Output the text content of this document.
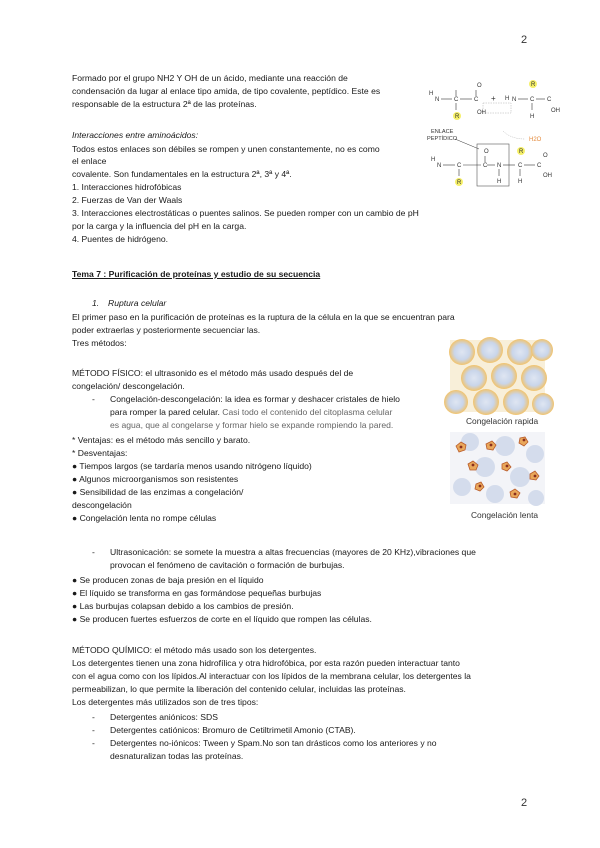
2

Formado por el grupo NH2 Y OH de un ácido, mediante una reacción de

condensación da lugar al enlace tipo amida, de tipo covalente, peptídico. Este es

responsable de la estructura 2ª de las proteínas.

Interacciones entre aminoácidos:

Todos estos enlaces son débiles se rompen y unen constantemente, no es como

el enlace

covalente. Son fundamentales en la estructura 2ª, 3ª y 4ª.

1. Interacciones hidrofóbicas

2. Fuerzas de Van der Waals

3. Interacciones electrostáticas o puentes salinos. Se pueden romper con un cambio de pH

por la carga y la influencia del pH en la carga.

4. Puentes de hidrógeno.

H
N C
R
C
O
OH
+ H N C
R
H
C
OH
ENLACE
PEPTÍDICO	H2O
H
N	C
R
C
O
N
H
C
R
H
C
O
OH

Tema 7 : Purificación de proteínas y estudio de su secuencia

1. Ruptura celular

El primer paso en la purificación de proteínas es la ruptura de la célula en la que se encuentran para

poder extraerlas y posteriormente secuenciar las.

Tres métodos:

MÉTODO FÍSICO: el ultrasonido es el método más usado después del de

congelación/ descongelación.

- Congelación-descongelación: la idea es formar y deshacer cristales de hielo

para romper la pared celular. Casi todo el contenido del citoplasma celular

es agua, que al congelarse y formar hielo se expande rompiendo la pared.

* Ventajas: es el método más sencillo y barato.

* Desventajas:

● Tiempos largos (se tardaría menos usando nitrógeno líquido)

● Algunos microorganismos son resistentes

● Sensibilidad de las enzimas a congelación/

descongelación

● Congelación lenta no rompe células

Congelación rapida
Congelación lenta
- Ultrasonicación: se somete la muestra a altas frecuencias (mayores de 20 KHz),vibraciones que

provocan el fenómeno de cavitación o formación de burbujas.

● Se producen zonas de baja presión en el líquido

● El líquido se transforma en gas formándose pequeñas burbujas

● Las burbujas colapsan debido a los cambios de presión.

● Se producen fuertes esfuerzos de corte en el líquido que rompen las células.

MÉTODO QUÍMICO: el método más usado son los detergentes.

Los detergentes tienen una zona hidrofílica y otra hidrofóbica, por esta razón pueden interactuar tanto

con el agua como con los lípidos.Al interactuar con los lípidos de la membrana celular, los detergentes la

permeabilizan, lo que permite la liberación del contenido celular, incluidas las proteínas.

Los detergentes más utilizados son de tres tipos:

- Detergentes aniónicos: SDS

- Detergentes catiónicos: Bromuro de Cetiltrimetil Amonio (CTAB).

- Detergentes no-iónicos: Tween y Spam.No son tan drásticos como los anteriores y no

desnaturalizan todas las proteínas.

2
